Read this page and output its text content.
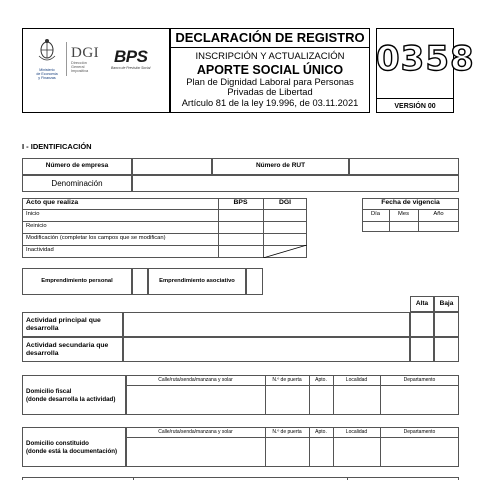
Ministerio
de Economía
y Finanzas
DGI
Dirección
General
Impositiva
BPS
Banco de Previsión Social
DECLARACIÓN DE REGISTRO
INSCRIPCIÓN Y ACTUALIZACIÓN
APORTE SOCIAL ÚNICO
Plan de Dignidad Laboral para Personas
Privadas de Libertad
Artículo 81 de la ley 19.996, de 03.11.2021
0358
VERSIÓN 00
I - IDENTIFICACIÓN
Número de empresa	Número de RUT
Denominación
Acto que realiza	BPS	DGI
Inicio
Reinicio
Modificación (completar los campos que se modifican)
Inactividad
Fecha de vigencia
Día	Mes	Año
Emprendimiento personal	Emprendimiento asociativo
Alta	Baja
Actividad principal que
desarrolla
Actividad secundaria que
desarrolla
Domicilio fiscal
(donde desarrolla la actividad)
Calle/ruta/senda/manzana y solar	N.º de puerta	Apto.	Localidad	Departamento
Domicilio constituido
(donde está la documentación)
Calle/ruta/senda/manzana y solar	N.º de puerta	Apto.	Localidad	Departamento
